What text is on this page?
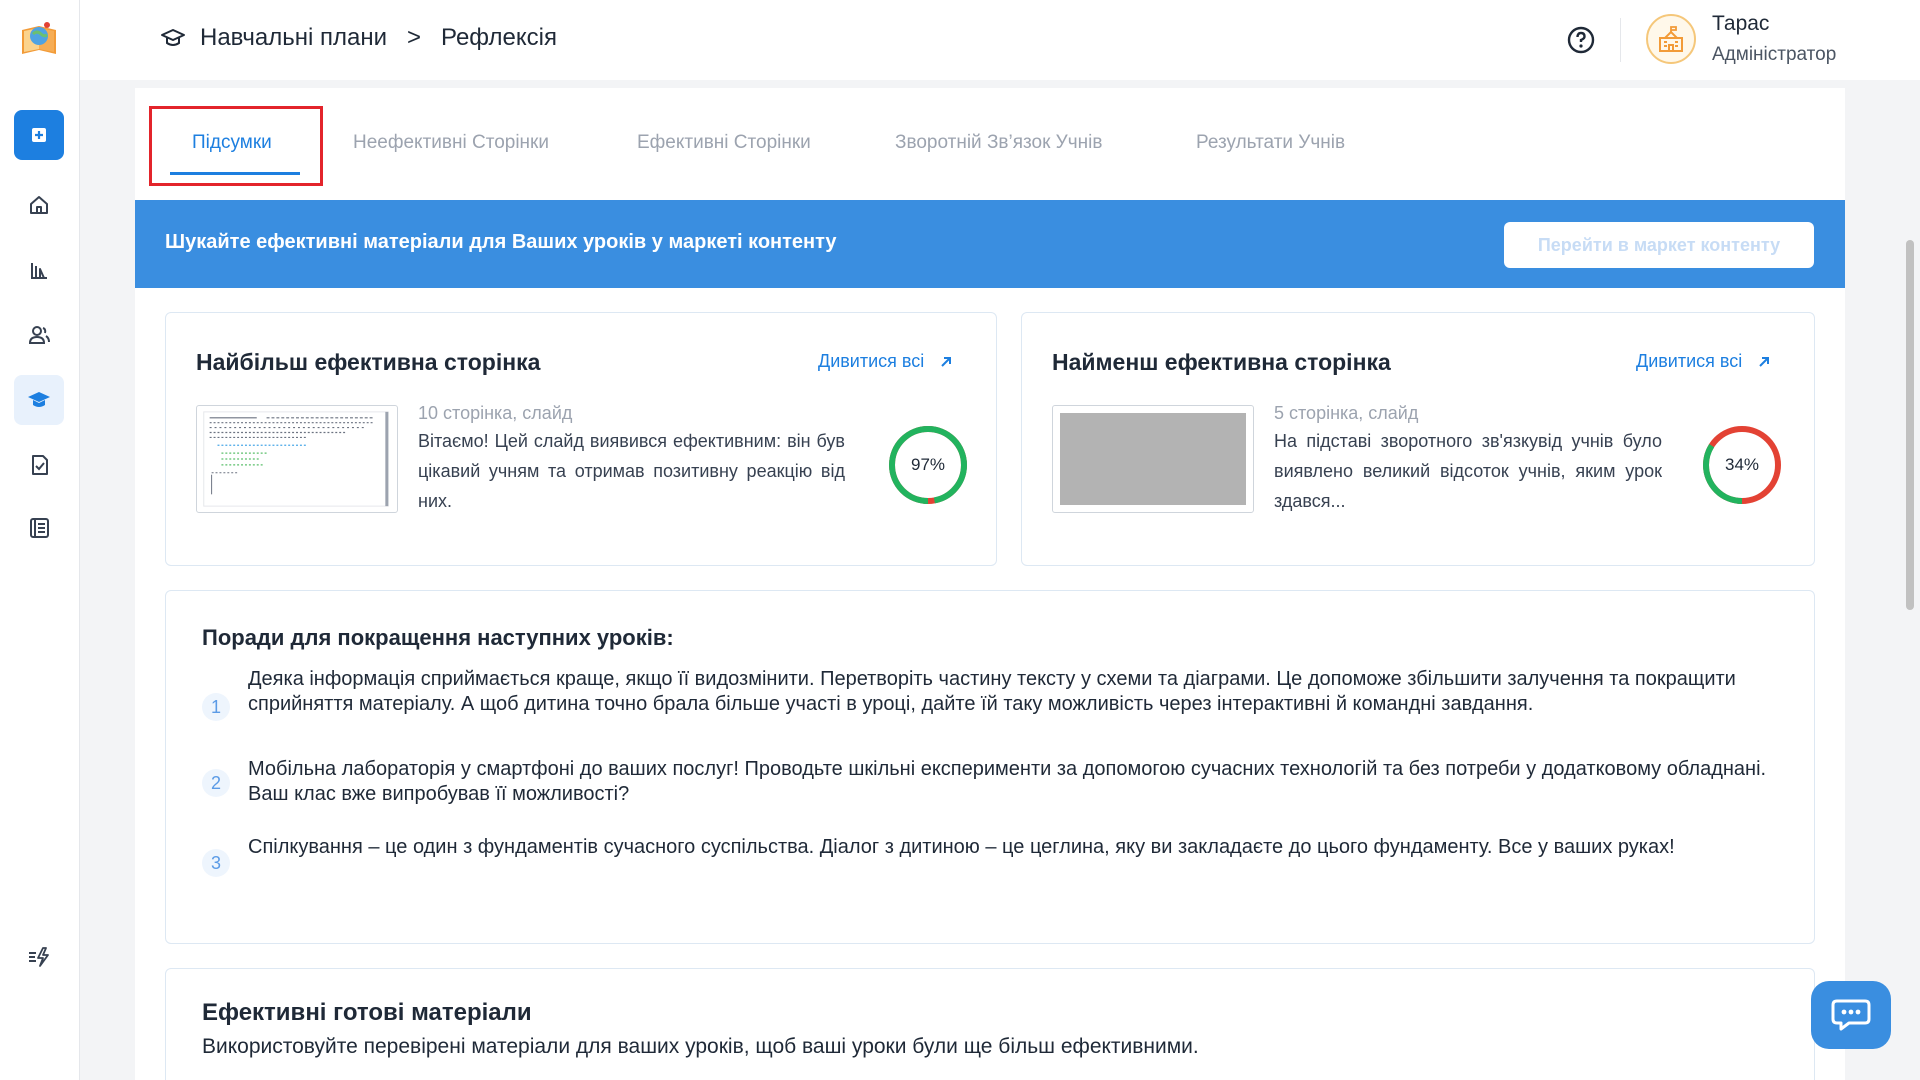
Навчальні плани > Рефлексія
Тарас
Адміністратор
Підсумки	Неефективні Сторінки	Ефективні Сторінки	Зворотній Зв’язок Учнів	Результати Учнів
Шукайте ефективні матеріали для Ваших уроків у маркеті контенту	Перейти в маркет контенту
Найбільш ефективна сторінка	Дивитися всі
10 сторінка, слайд
Вітаємо! Цей слайд виявився ефективним: він був цікавий учням та отримав позитивну реакцію від них.
97%
Найменш ефективна сторінка	Дивитися всі
5 сторінка, слайд
На підставі зворотного зв'язкувід учнів було виявлено великий відсоток учнів, яким урок здався...
34%
Поради для покращення наступних уроків:
1
Деяка інформація сприймається краще, якщо її видозмінити. Перетворіть частину тексту у схеми та діаграми. Це допоможе збільшити залучення та покращити сприйняття матеріалу. А щоб дитина точно брала більше участі в уроці, дайте їй таку можливість через інтерактивні й командні завдання.
2
Мобільна лабораторія у смартфоні до ваших послуг! Проводьте шкільні експерименти за допомогою сучасних технологій та без потреби у додатковому обладнані. Ваш клас вже випробував її можливості?
3
Спілкування – це один з фундаментів сучасного суспільства. Діалог з дитиною – це цеглина, яку ви закладаєте до цього фундаменту. Все у ваших руках!
Ефективні готові матеріали
Використовуйте перевірені матеріали для ваших уроків, щоб ваші уроки були ще більш ефективними.
